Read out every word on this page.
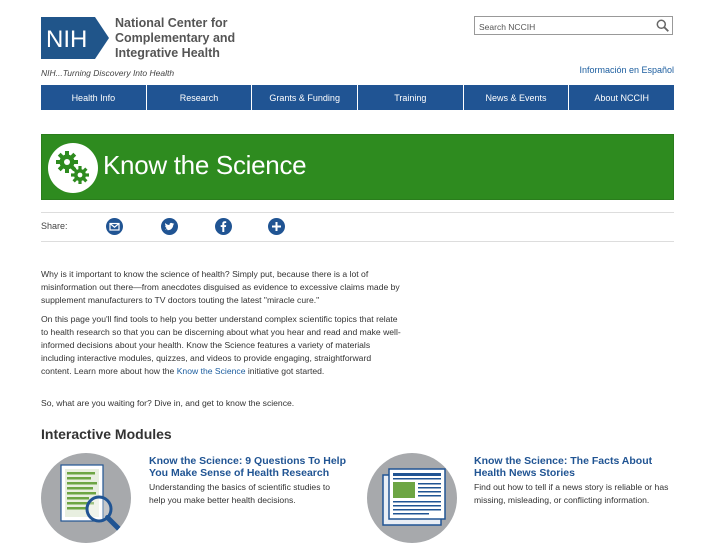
NIH
National Center for
Complementary and
Integrative Health
NIH...Turning Discovery Into Health
Search NCCIH	Información en Español
Health Info	Research	Grants & Funding	Training	News & Events	About NCCIH
Know the Science
Share:
Why is it important to know the science of health? Simply put, because there is a lot of misinformation out there—from anecdotes disguised as evidence to excessive claims made by supplement manufacturers to TV doctors touting the latest "miracle cure."
On this page you'll find tools to help you better understand complex scientific topics that relate to health research so that you can be discerning about what you hear and read and make well-informed decisions about your health. Know the Science features a variety of materials including interactive modules, quizzes, and videos to provide engaging, straightforward content. Learn more about how the Know the Science initiative got started.
So, what are you waiting for? Dive in, and get to know the science.
Interactive Modules
Know the Science: 9 Questions To Help You Make Sense of Health Research
Understanding the basics of scientific studies to help you make better health decisions.
Know the Science: The Facts About Health News Stories
Find out how to tell if a news story is reliable or has missing, misleading, or conflicting information.
